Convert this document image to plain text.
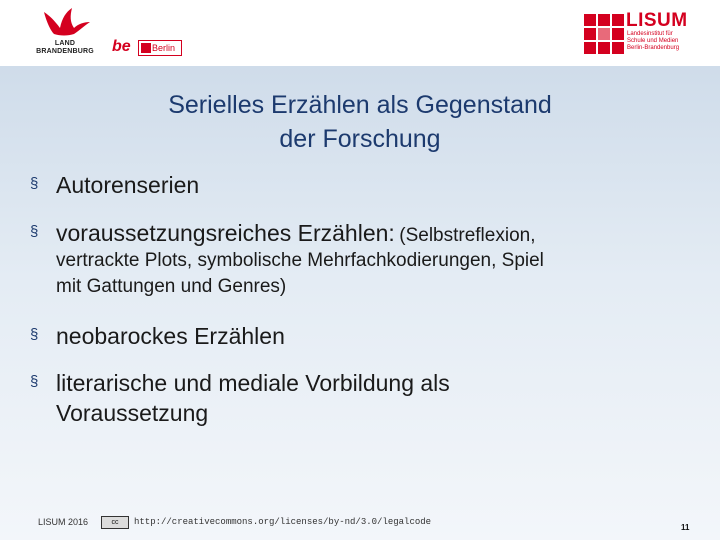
LAND
BRANDENBURG	be Berlin
LISUM
Landesinstitut für
Schule und Medien
Berlin-Brandenburg
Serielles Erzählen als Gegenstand
der Forschung
§ Autorenserien
§ voraussetzungsreiches Erzählen: (Selbstreflexion,
vertrackte Plots, symbolische Mehrfachkodierungen, Spiel
mit Gattungen und Genres)
§ neobarockes Erzählen
§ literarische und mediale Vorbildung als
Voraussetzung
LISUM 2016	cc	http://creativecommons.org/licenses/by-nd/3.0/legalcode
11
